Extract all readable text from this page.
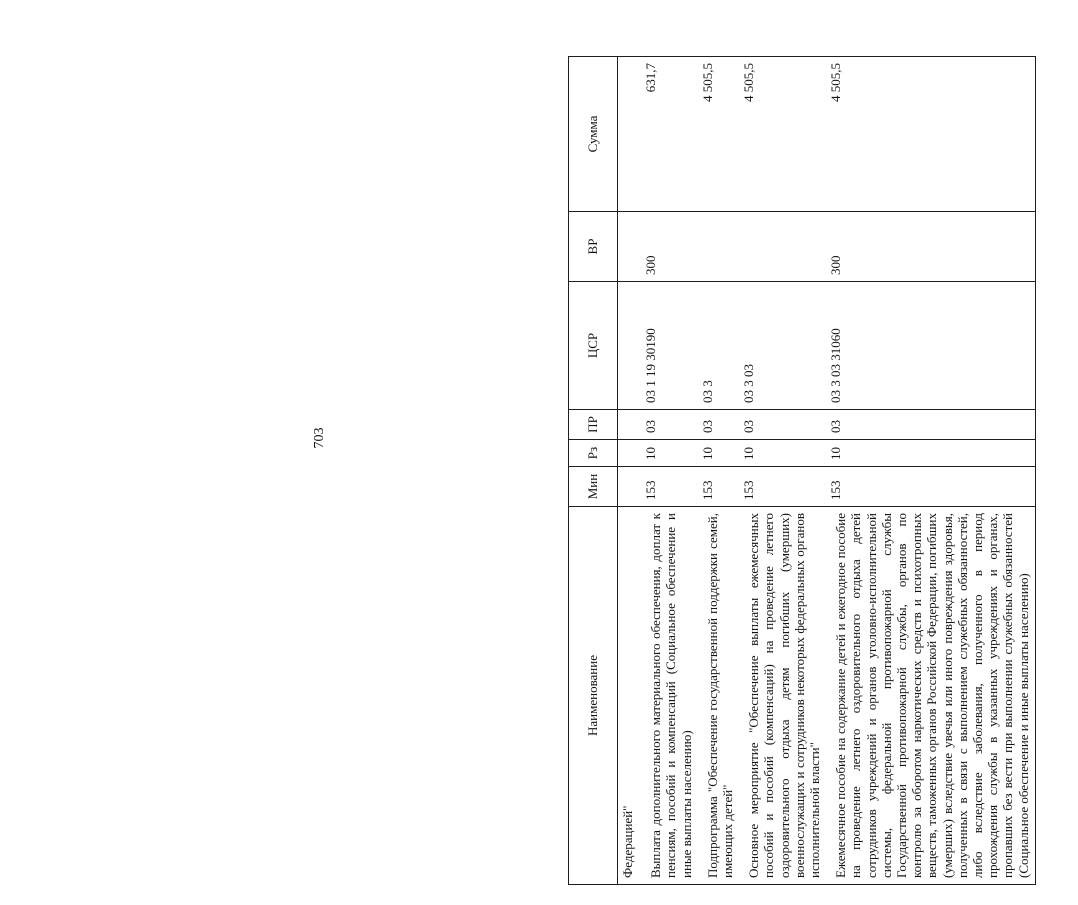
703
Наименование	Мин	Рз	ПР	ЦСР	ВР	Сумма
Федерацией"						
Выплата дополнительного материального обеспечения, доплат к пенсиям, пособий и компенсаций (Социальное обеспечение и иные выплаты населению)	153	10	03	03 1 19 30190	300	631,7
Подпрограмма "Обеспечение государственной поддержки семей, имеющих детей"	153	10	03	03 3		4 505,5
Основное мероприятие "Обеспечение выплаты ежемесячных пособий и пособий (компенсаций) на проведение летнего оздоровительного отдыха детям погибших (умерших) военнослужащих и сотрудников некоторых федеральных органов исполнительной власти"	153	10	03	03 3 03		4 505,5
Ежемесячное пособие на содержание детей и ежегодное пособие на проведение летнего оздоровительного отдыха детей сотрудников учреждений и органов уголовно-исполнительной системы, федеральной противопожарной службы Государственной противопожарной службы, органов по контролю за оборотом наркотических средств и психотропных веществ, таможенных органов Российской Федерации, погибших (умерших) вследствие увечья или иного повреждения здоровья, полученных в связи с выполнением служебных обязанностей, либо вследствие заболевания, полученного в период прохождения службы в указанных учреждениях и органах, пропавших без вести при выполнении служебных обязанностей (Социальное обеспечение и иные выплаты населению)	153	10	03	03 3 03 31060	300	4 505,5
